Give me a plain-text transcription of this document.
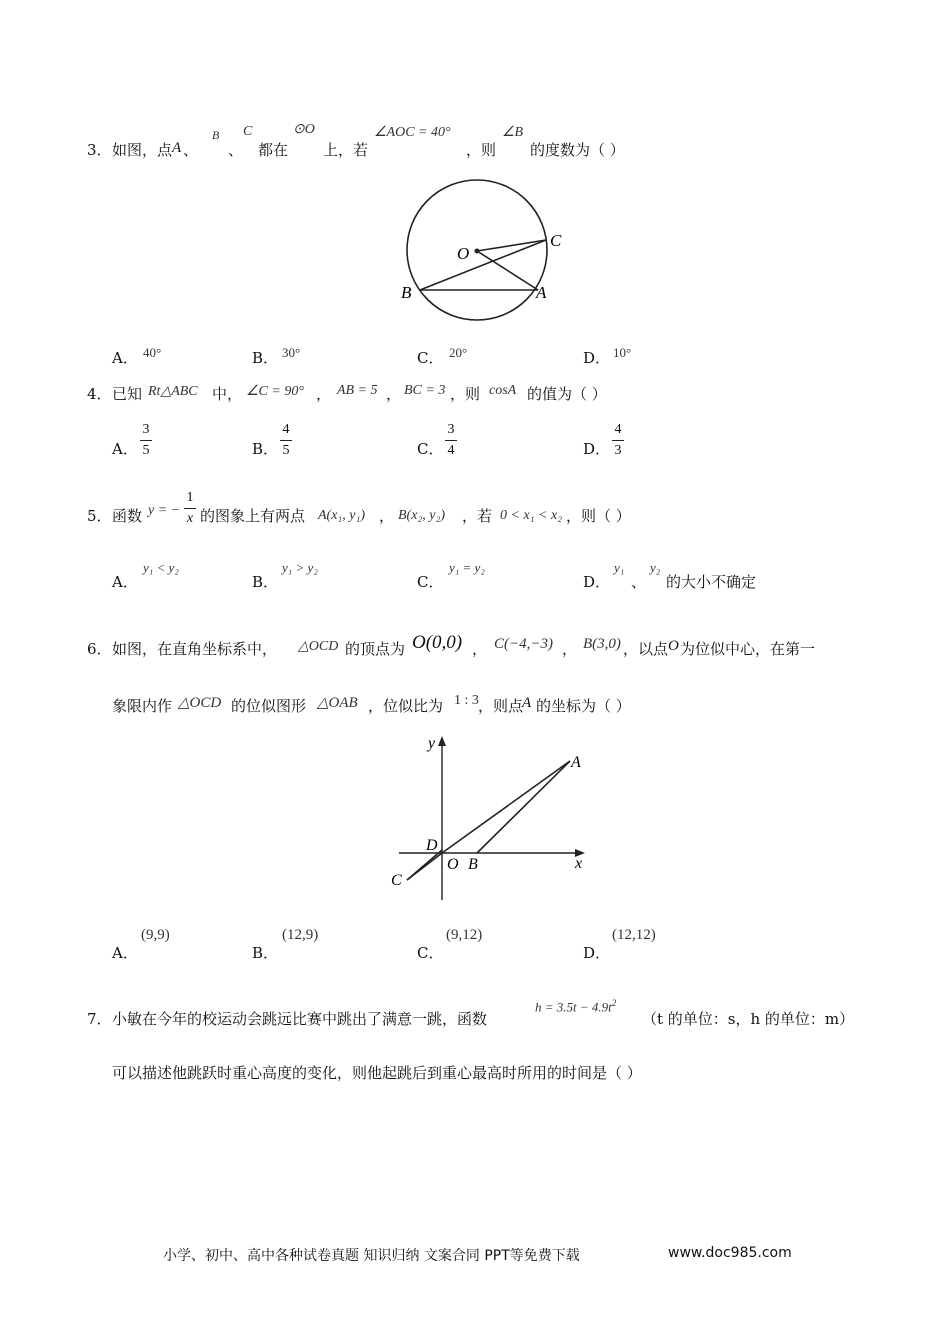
3． 如图，点 A 、
B
、
C
都在
⊙O
上，若
∠AOC = 40°
，则
∠B
的度数为（ ）
O
C
B	A
A． 40°	B． 30°	C． 20°	D． 10°
4． 已知 Rt△ABC 中， ∠C = 90° ， AB = 5 ， BC = 3 ，则 cosA 的值为（ ）
A．
3
5	B．
4
5	C．
3
4	D．
4
3
5． 函数 y = −
1
x 的图象上有两点 A(x₁, y₁) ， B(x₂, y₂) ，若 0 < x₁ < x₂ ，则（ ）
A．
y₁ < y₂
B．
y₁ > y₂
C．
y₁ = y₂
D．
y₁
、
y₂
的大小不确定
6． 如图，在直角坐标系中， △OCD 的顶点为 O(0,0) ， C(−4,−3) ， B(3,0) ，以点 O 为位似中心，在第一
象限内作 △OCD 的位似图形 △OAB ，位似比为 1 : 3 ，则点
A 的坐标为（ ）
y
x
A
D
O B
C
A．
(9,9)
B．
(12,9)
C．
(9,12)
D．
(12,12)
7． 小敏在今年的校运动会跳远比赛中跳出了满意一跳，函数
$h = 3.5t - 4.9t^2$
（t 的单位：s，h 的单位：m）
可以描述他跳跃时重心高度的变化，则他起跳后到重心最高时所用的时间是（ ）
小学、初中、高中各种试卷真题 知识归纳 文案合同 PPT等免费下载	www.doc985.com
